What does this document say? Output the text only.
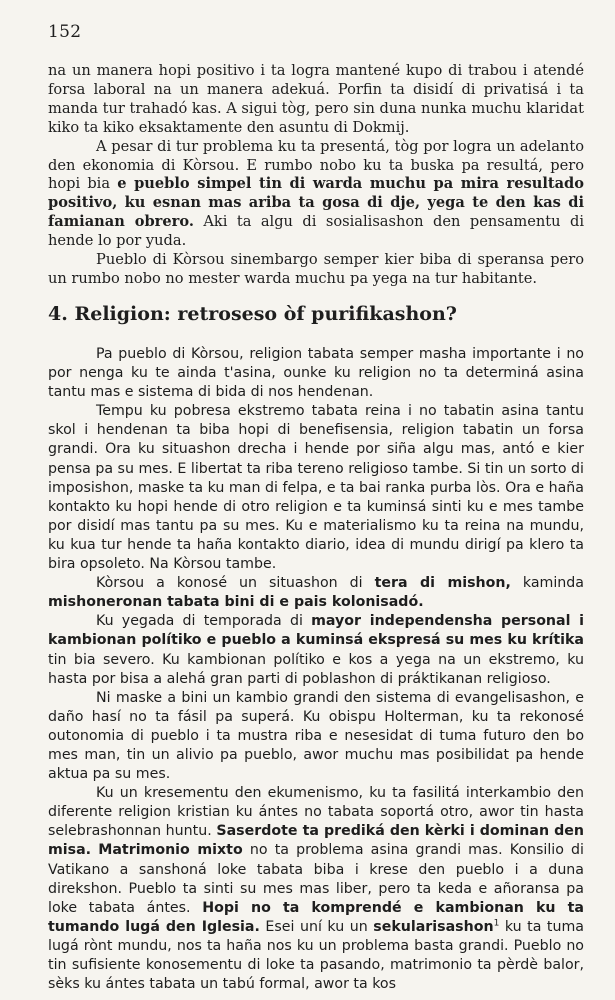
152

na un manera hopi positivo i ta logra mantené kupo di trabou i atendé forsa laboral na un manera adekuá. Porfin ta disidí di privatisá i ta manda tur trahadó kas. A sigui tòg, pero sin duna nunka muchu klaridat kiko ta kiko eksaktamente den asuntu di Dokmij.

A pesar di tur problema ku ta presentá, tòg por logra un adelanto den ekonomia di Kòrsou. E rumbo nobo ku ta buska pa resultá, pero hopi bia e pueblo simpel tin di warda muchu pa mira resultado positivo, ku esnan mas ariba ta gosa di dje, yega te den kas di famianan obrero. Aki ta algu di sosialisashon den pensamentu di hende lo por yuda.

Pueblo di Kòrsou sinembargo semper kier biba di speransa pero un rumbo nobo no mester warda muchu pa yega na tur habitante.

4. Religion: retroseso òf purifikashon?

Pa pueblo di Kòrsou, religion tabata semper masha importante i no por nenga ku te ainda t'asina, ounke ku religion no ta determiná asina tantu mas e sistema di bida di nos hendenan.

Tempu ku pobresa ekstremo tabata reina i no tabatin asina tantu skol i hendenan ta biba hopi di benefisensia, religion tabatin un forsa grandi. Ora ku situashon drecha i hende por siña algu mas, antó e kier pensa pa su mes. E libertat ta riba tereno religioso tambe. Si tin un sorto di imposishon, maske ta ku man di felpa, e ta bai ranka purba lòs. Ora e haña kontakto ku hopi hende di otro religion e ta kuminsá sinti ku e mes tambe por disidí mas tantu pa su mes. Ku e materialismo ku ta reina na mundu, ku kua tur hende ta haña kontakto diario, idea di mundu dirigí pa klero ta bira opsoleto. Na Kòrsou tambe.

Kòrsou a konosé un situashon di tera di mishon, kaminda mishoneronan tabata bini di e pais kolonisadó.

Ku yegada di temporada di mayor independensha personal i kambionan polítiko e pueblo a kuminsá ekspresá su mes ku krítika tin bia severo. Ku kambionan polítiko e kos a yega na un ekstremo, ku hasta por bisa a alehá gran parti di poblashon di práktikanan religioso.

Ni maske a bini un kambio grandi den sistema di evangelisashon, e daño hasí no ta fásil pa superá. Ku obispu Holterman, ku ta rekonosé outonomia di pueblo i ta mustra riba e nesesidat di tuma futuro den bo mes man, tin un alivio pa pueblo, awor muchu mas posibilidat pa hende aktua pa su mes.

Ku un kresementu den ekumenismo, ku ta fasilitá interkambio den diferente religion kristian ku ántes no tabata soportá otro, awor tin hasta selebrashonnan huntu. Saserdote ta prediká den kèrki i dominan den misa. Matrimonio mixto no ta problema asina grandi mas. Konsilio di Vatikano a sanshoná loke tabata biba i krese den pueblo i a duna direkshon. Pueblo ta sinti su mes mas liber, pero ta keda e añoransa pa loke tabata ántes. Hopi no ta komprendé e kambionan ku ta tumando lugá den Iglesia. Esei uní ku un sekularisashon$^1$ ku ta tuma lugá rònt mundu, nos ta haña nos ku un problema basta grandi. Pueblo no tin sufisiente konosementu di loke ta pasando, matrimonio ta pèrdè balor, sèks ku ántes tabata un tabú formal, awor ta kos
